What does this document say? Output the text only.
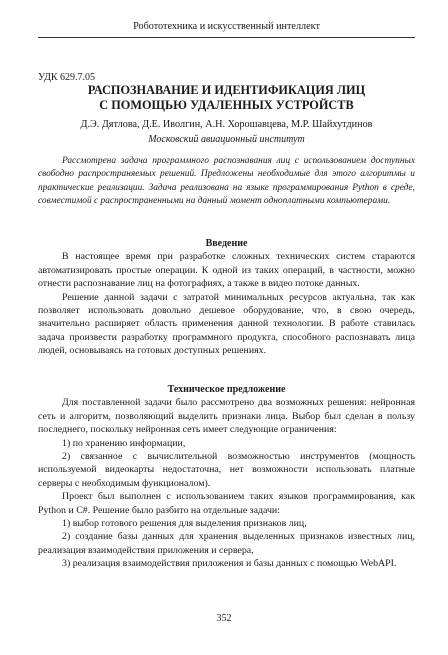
Робототехника и искусственный интеллект
УДК 629.7.05
РАСПОЗНАВАНИЕ И ИДЕНТИФИКАЦИЯ ЛИЦ
С ПОМОЩЬЮ УДАЛЕННЫХ УСТРОЙСТВ
Д.Э. Дятлова, Д.Е. Иволгин, А.Н. Хорошавцева, М.Р. Шайхутдинов
Московский авиационный институт

Рассмотрена задача программного распознавания лиц с использованием доступных свободно распространяемых решений. Предложены необходимые для этого алгоритмы и практические реализации. Задача реализована на языке программирования Python в среде, совместимой с распространенными на данный момент одноплатными компьютерами.

Введение

В настоящее время при разработке сложных технических систем стараются автоматизировать простые операции. К одной из таких операций, в частности, можно отнести распознавание лиц на фотографиях, а также в видео потоке данных.

Решение данной задачи с затратой минимальных ресурсов актуальна, так как позволяет использовать довольно дешевое оборудование, что, в свою очередь, значительно расширяет область применения данной технологии. В работе ставилась задача произвести разработку программного продукта, способного распознавать лица людей, основываясь на готовых доступных решениях.

Техническое предложение

Для поставленной задачи было рассмотрено два возможных решения: нейронная сеть и алгоритм, позволяющий выделить признаки лица. Выбор был сделан в пользу последнего, поскольку нейронная сеть имеет следующие ограничения:

1) по хранению информации,

2) связанное с вычислительной возможностью инструментов (мощность используемой видеокарты недостаточна, нет возможности использовать платные серверы с необходимым функционалом).

Проект был выполнен с использованием таких языков программирования, как Python и C#. Решение было разбито на отдельные задачи:

1) выбор готового решения для выделения признаков лиц,

2) создание базы данных для хранения выделенных признаков известных лиц, реализация взаимодействия приложения и сервера,

3) реализация взаимодействия приложения и базы данных с помощью WebAPI.

352
